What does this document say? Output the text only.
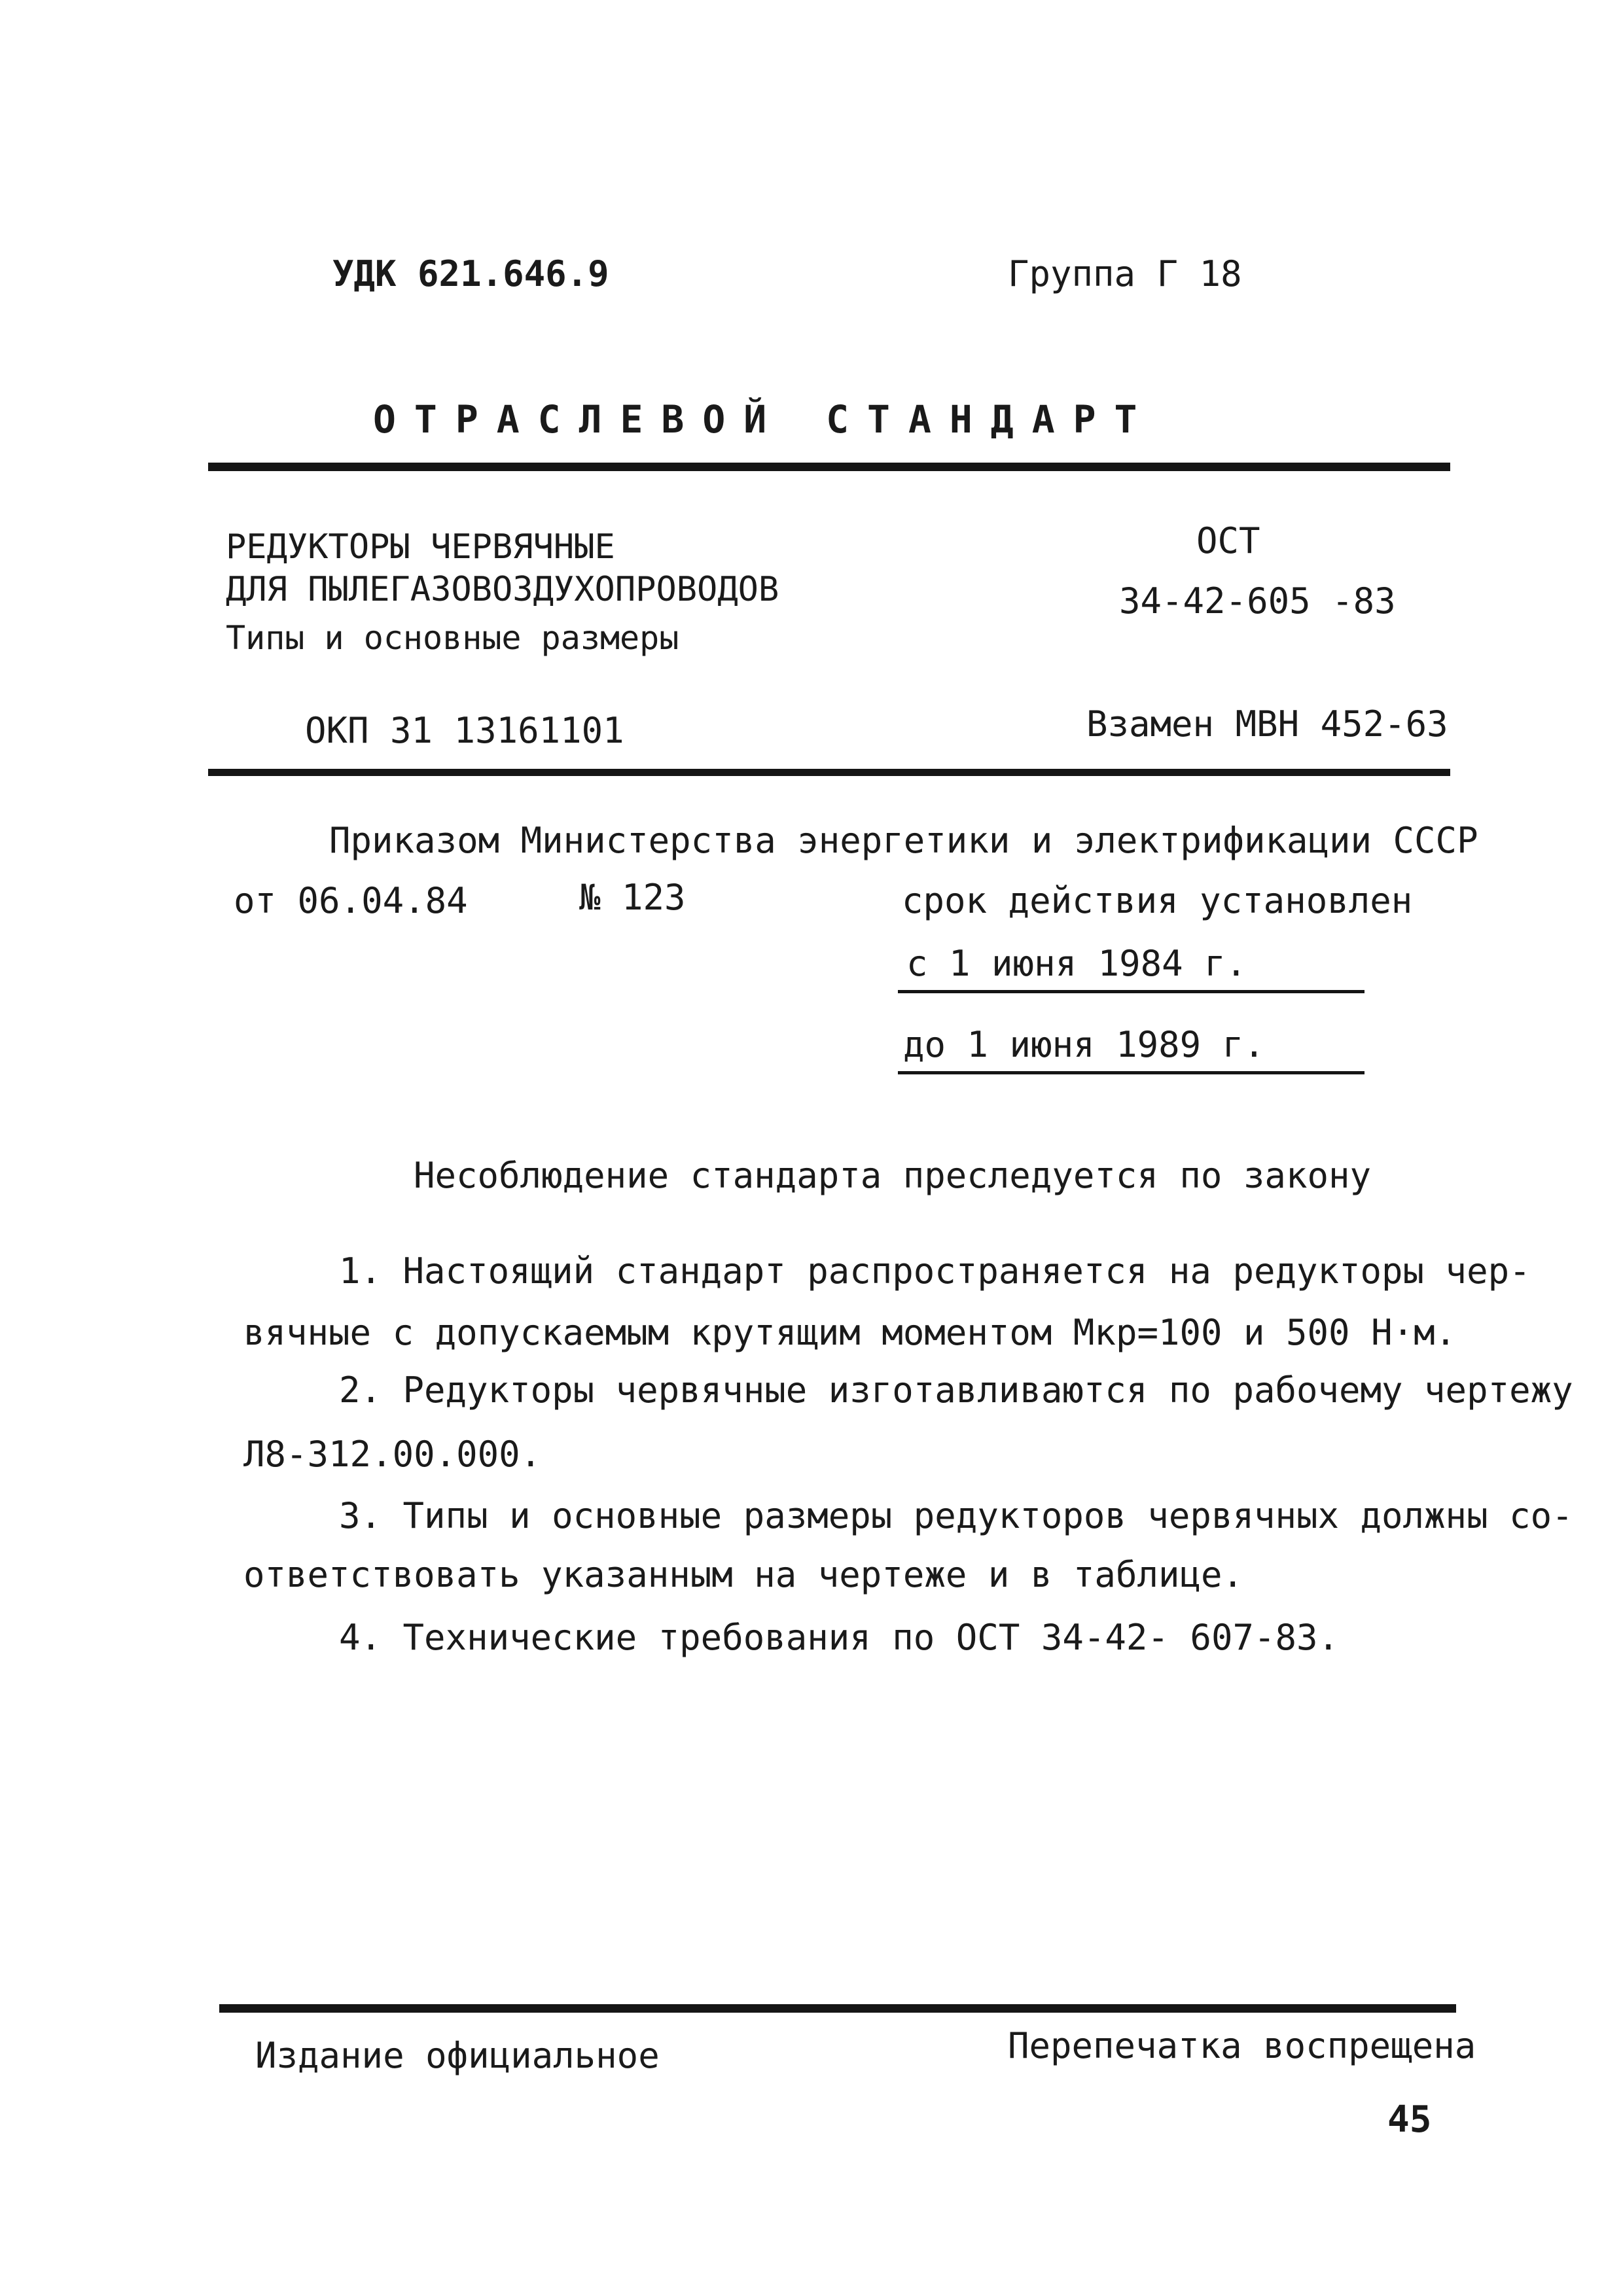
УДК 621.646.9	Группа Г 18
ОТРАСЛЕВОЙ СТАНДАРТ
РЕДУКТОРЫ ЧЕРВЯЧНЫЕ
ДЛЯ ПЫЛЕГАЗОВОЗДУХОПРОВОДОВ
Типы и основные размеры
ОСТ
34-42-605 -83
ОКП 31 13161101	Взамен МВН 452-63
Приказом Министерства энергетики и электрификации СССР
от 06.04.84	№ 123	срок действия установлен
с 1 июня 1984 г.
до 1 июня 1989 г.
Несоблюдение стандарта преследуется по закону
1. Настоящий стандарт распространяется на редукторы чер-
вячные с допускаемым крутящим моментом Мкр=100 и 500 Н·м.
2. Редукторы червячные изготавливаются по рабочему чертежу
Л8-312.00.000.
3. Типы и основные размеры редукторов червячных должны со-
ответствовать указанным на чертеже и в таблице.
4. Технические требования по ОСТ 34-42- 607-83.
Издание официальное	Перепечатка воспрещена
45
